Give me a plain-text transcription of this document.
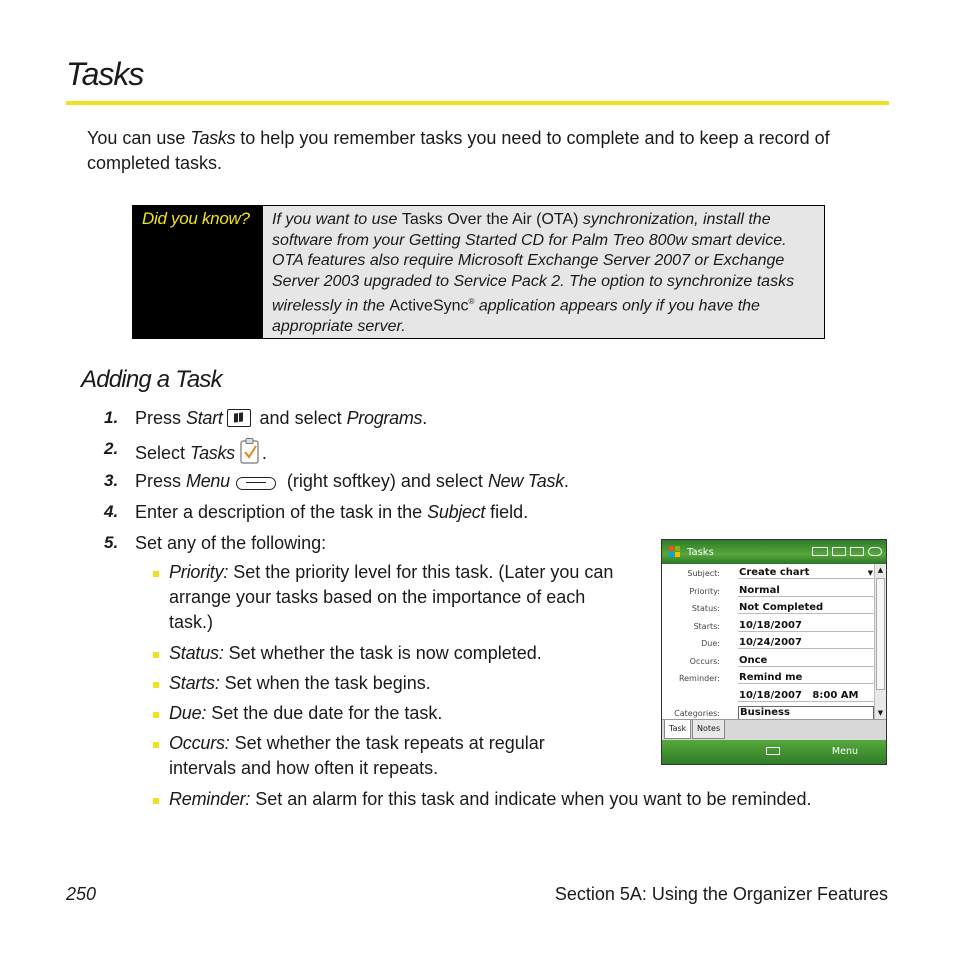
Tasks
You can use Tasks to help you remember tasks you need to complete and to keep a record of completed tasks.
Did you know?	If you want to use Tasks Over the Air (OTA) synchronization, install the software from your Getting Started CD for Palm Treo 800w smart device. OTA features also require Microsoft Exchange Server 2007 or Exchange Server 2003 upgraded to Service Pack 2. The option to synchronize tasks wirelessly in the ActiveSync® application appears only if you have the appropriate server.
Adding a Task
1. Press Start
and select Programs.
2. Select Tasks .
3. Press Menu	(right softkey) and select New Task.
4. Enter a description of the task in the Subject field.
5. Set any of the following:
Priority: Set the priority level for this task. (Later you can
arrange your tasks based on the importance of each
task.)
Status: Set whether the task is now completed.
Starts: Set when the task begins.
Due: Set the due date for the task.
Occurs: Set whether the task repeats at regular
intervals and how often it repeats.
Reminder: Set an alarm for this task and indicate when you want to be reminded.
Tasks
Subject: Create chart	▼
Priority: Normal
Status: Not Completed
Starts: 10/18/2007
Due: 10/24/2007
Occurs: Once
Reminder: Remind me
10/18/2007   8:00 AM
Categories: Business
▲
▼
Task	Notes
Menu
250	Section 5A: Using the Organizer Features
